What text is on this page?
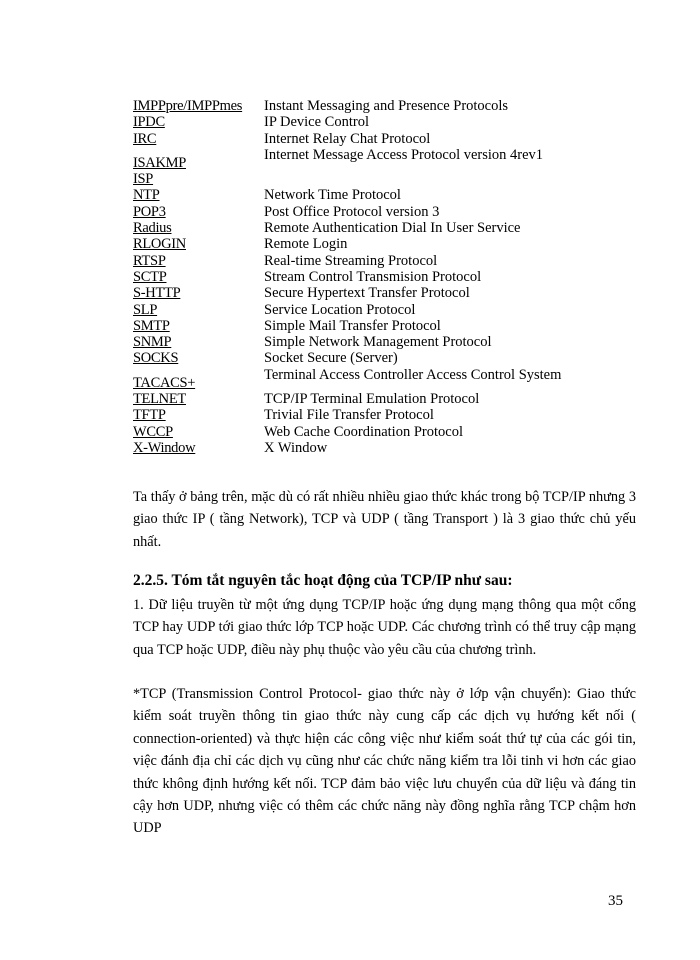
IMPPpre/IMPPmes	Instant Messaging and Presence Protocols
IPDC	IP Device Control
IRC	Internet Relay Chat Protocol
ISAKMP	Internet Message Access Protocol version 4rev1
ISP
NTP	Network Time Protocol
POP3	Post Office Protocol version 3
Radius	Remote Authentication Dial In User Service
RLOGIN	Remote Login
RTSP	Real-time Streaming Protocol
SCTP	Stream Control Transmision Protocol
S-HTTP	Secure Hypertext Transfer Protocol
SLP	Service Location Protocol
SMTP	Simple Mail Transfer Protocol
SNMP	Simple Network Management Protocol
SOCKS	Socket Secure (Server)
TACACS+	Terminal Access Controller Access Control System
TELNET	TCP/IP Terminal Emulation Protocol
TFTP	Trivial File Transfer Protocol
WCCP	Web Cache Coordination Protocol
X-Window	X Window

Ta thấy ở bảng trên, mặc dù có rất nhiều nhiều giao thức khác trong bộ TCP/IP nhưng 3 giao thức IP ( tầng Network), TCP và UDP ( tầng Transport ) là 3 giao thức chủ yếu nhất.

2.2.5. Tóm tắt nguyên tắc hoạt động của TCP/IP như sau:

1. Dữ liệu truyền từ một ứng dụng TCP/IP hoặc ứng dụng mạng thông qua một cổng TCP hay UDP tới giao thức lớp TCP hoặc UDP. Các chương trình có thể truy cập mạng qua TCP hoặc UDP, điều này phụ thuộc vào yêu cầu của chương trình.

*TCP (Transmission Control Protocol- giao thức này ở lớp vận chuyển): Giao thức kiểm soát truyền thông tin giao thức này cung cấp các dịch vụ hướng kết nối ( connection-oriented) và thực hiện các công việc như kiểm soát thứ tự của các gói tin, việc đánh địa chỉ các dịch vụ cũng như các chức năng kiểm tra lỗi tinh vi hơn các giao thức không định hướng kết nối. TCP đảm bảo việc lưu chuyển của dữ liệu và đáng tin cậy hơn UDP, nhưng việc có thêm các chức năng này đồng nghĩa rằng TCP chậm hơn UDP

35
